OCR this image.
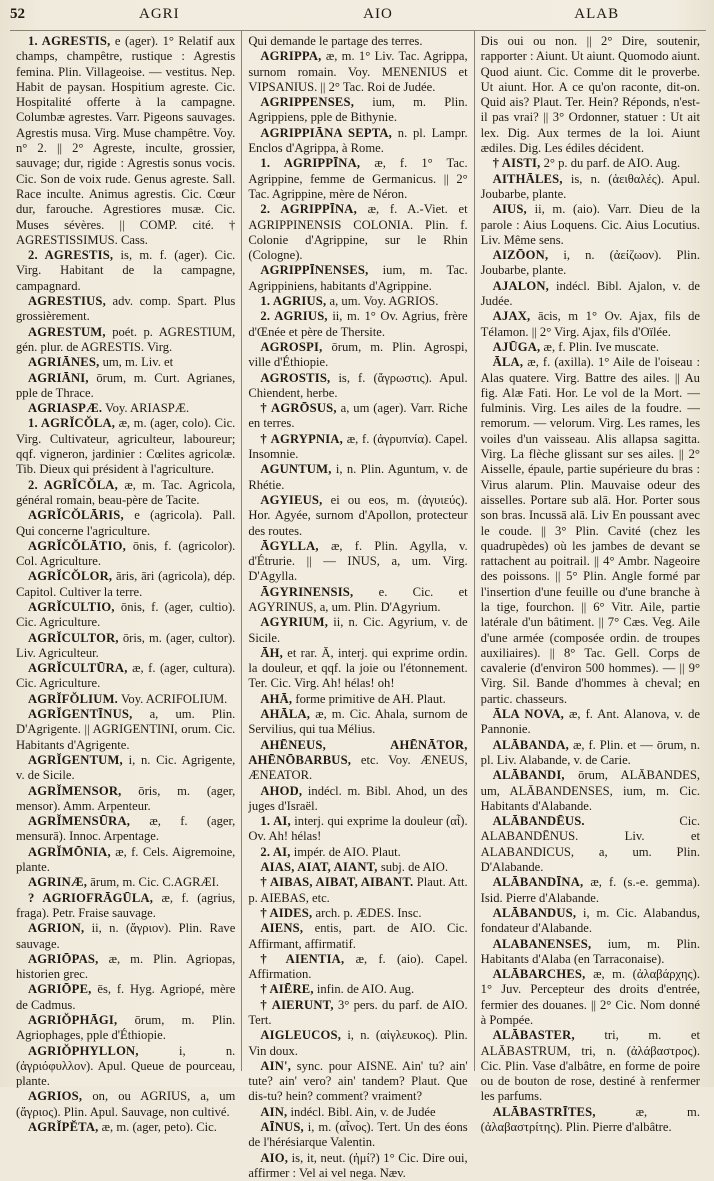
52	AGRI	AIO	ALAB

1. AGRESTIS, e (ager). 1° Relatif aux champs, champêtre, rustique : Agrestis femina. Plin. Villageoise. — vestitus. Nep. Habit de paysan. Hospitium agreste. Cic. Hospitalité offerte à la campagne. Columbæ agrestes. Varr. Pigeons sauvages. Agrestis musa. Virg. Muse champêtre. Voy. n° 2. || 2° Agreste, inculte, grossier, sauvage; dur, rigide : Agrestis sonus vocis. Cic. Son de voix rude. Genus agreste. Sall. Race inculte. Animus agrestis. Cic. Cœur dur, farouche. Agrestiores musæ. Cic. Muses sévères. || COMP. cité. † AGRESTISSIMUS. Cass.

2. AGRESTIS, is, m. f. (ager). Cic. Virg. Habitant de la campagne, campagnard.

AGRESTIUS, adv. comp. Spart. Plus grossièrement.

AGRESTUM, poét. p. AGRESTIUM, gén. plur. de AGRESTIS. Virg.

AGRIĀNES, um, m. Liv. et

AGRIĀNI, ōrum, m. Curt. Agrianes, pple de Thrace.

AGRIASPÆ. Voy. ARIASPÆ.

1. AGRĬCŎLA, æ, m. (ager, colo). Cic. Virg. Cultivateur, agriculteur, laboureur; qqf. vigneron, jardinier : Cœlites agricolæ. Tib. Dieux qui président à l'agriculture.

2. AGRĬCŎLA, æ, m. Tac. Agricola, général romain, beau-père de Tacite.

AGRĬCŎLĀRIS, e (agricola). Pall. Qui concerne l'agriculture.

AGRĬCŎLĀTIO, ōnis, f. (agricolor). Col. Agriculture.

AGRĬCŎLOR, āris, āri (agricola), dép. Capitol. Cultiver la terre.

AGRĬCULTIO, ōnis, f. (ager, cultio). Cic. Agriculture.

AGRĬCULTOR, ōris, m. (ager, cultor). Liv. Agriculteur.

AGRĬCULTŪRA, æ, f. (ager, cultura). Cic. Agriculture.

AGRĬFŎLIUM. Voy. ACRIFOLIUM.

AGRĬGENTĪNUS, a, um. Plin. D'Agrigente. || AGRIGENTINI, orum. Cic. Habitants d'Agrigente.

AGRĬGENTUM, i, n. Cic. Agrigente, v. de Sicile.

AGRĬMENSOR, ōris, m. (ager, mensor). Amm. Arpenteur.

AGRĬMENSŪRA, æ, f. (ager, mensurā). Innoc. Arpentage.

AGRĬMŌNIA, æ, f. Cels. Aigremoine, plante.

AGRINÆ, ārum, m. Cic. C.AGRÆI.

? AGRIOFRĀGŪLA, æ, f. (agrius, fraga). Petr. Fraise sauvage.

AGRION, ii, n. (ἄγριον). Plin. Rave sauvage.

AGRIŌPAS, æ, m. Plin. Agriopas, historien grec.

AGRIŌPE, ēs, f. Hyg. Agriopé, mère de Cadmus.

AGRIŎPHĀGI, ōrum, m. Plin. Agriophages, pple d'Éthiopie.

AGRIŎPHYLLON,	i, n. (ἀγριόφυλλον). Apul. Queue de pourceau, plante.

AGRIOS, on, ou AGRIUS, a, um (ἄγριος). Plin. Apul. Sauvage, non cultivé.

AGRĬPĔTA, æ, m. (ager, peto). Cic.

Qui demande le partage des terres.

AGRIPPA, æ, m. 1° Liv. Tac. Agrippa, surnom romain. Voy. MENENIUS et VIPSANIUS. || 2° Tac. Roi de Judée.

AGRIPPENSES, ium, m. Plin. Agrippiens, pple de Bithynie.

AGRIPPIĀNA SEPTA, n. pl. Lampr. Enclos d'Agrippa, à Rome.

1. AGRIPPĪNA, æ, f. 1° Tac. Agrippine, femme de Germanicus. || 2° Tac. Agrippine, mère de Néron.

2. AGRIPPĪNA, æ, f. A.-Viet. et AGRIPPINENSIS COLONIA. Plin. f. Colonie d'Agrippine, sur le Rhin (Cologne).

AGRIPPĪNENSES, ium, m. Tac. Agrippiniens, habitants d'Agrippine.

1. AGRIUS, a, um. Voy. AGRIOS.

2. AGRIUS, ii, m. 1° Ov. Agrius, frère d'Œnée et père de Thersite.

AGROSPI, ōrum, m. Plin. Agrospi, ville d'Éthiopie.

AGROSTIS, is, f. (ἄγρωστις). Apul. Chiendent, herbe.

† AGRŌSUS, a, um (ager). Varr. Riche en terres.

† AGRYPNIA, æ, f. (ἀγρυπνία). Capel. Insomnie.

AGUNTUM, i, n. Plin. Aguntum, v. de Rhétie.

AGYIEUS, ei ou eos, m. (ἀγυιεύς). Hor. Agyée, surnom d'Apollon, protecteur des routes.

ĀGYLLA, æ, f. Plin. Agylla, v. d'Étrurie. || — INUS, a, um. Virg. D'Agylla.

ĀGYRINENSIS, e. Cic. et AGYRINUS, a, um. Plin. D'Agyrium.

AGYRIUM, ii, n. Cic. Agyrium, v. de Sicile.

ĀH, et rar. Ā, interj. qui exprime ordin. la douleur, et qqf. la joie ou l'étonnement. Ter. Cic. Virg. Ah! hélas! oh!

AHĀ, forme primitive de AH. Plaut.

AHĀLA, æ, m. Cic. Ahala, surnom de Servilius, qui tua Mélius.

AHĒNEUS, AHĒNĀTOR, AHĒNŌBARBUS, etc. Voy. ÆNEUS, ÆNEATOR.

AHOD, indécl. m. Bibl. Ahod, un des juges d'Israël.

1. AI, interj. qui exprime la douleur (αἶ). Ov. Ah! hélas!

2. AI, impér. de AIO. Plaut.

AIAS, AIAT, AIANT, subj. de AIO.

† AIBAS, AIBAT, AIBANT. Plaut. Att. p. AIEBAS, etc.

† AIDES, arch. p. ÆDES. Insc.

AIENS, entis, part. de AIO. Cic. Affirmant, affirmatif.

† AIENTIA, æ, f. (aio). Capel. Affirmation.

† AIĒRE, infin. de AIO. Aug.

† AIERUNT, 3° pers. du parf. de AIO. Tert.

AIGLEUCOS, i, n. (αἰγλευκος). Plin. Vin doux.

AIN', sync. pour AISNE. Ain' tu? ain' tute? ain' vero? ain' tandem? Plaut. Que dis-tu? hein? comment? vraiment?

AIN, indécl. Bibl. Ain, v. de Judée

AĪNUS, i, m. (αἶνος). Tert. Un des éons de l'hérésiarque Valentin.

AIO, is, it, neut. (ἠμί?) 1° Cic. Dire oui, affirmer : Vel ai vel nega. Næv.

Dis oui ou non. || 2° Dire, soutenir, rapporter : Aiunt. Ut aiunt. Quomodo aiunt. Quod aiunt. Cic. Comme dit le proverbe. Ut aiunt. Hor. A ce qu'on raconte, dit-on. Quid ais? Plaut. Ter. Hein? Réponds, n'est-il pas vrai? || 3° Ordonner, statuer : Ut ait lex. Dig. Aux termes de la loi. Aiunt ædiles. Dig. Les édiles décident.

† AISTI, 2° p. du parf. de AIO. Aug.

AITHĀLES, is, n. (ἀειθαλές). Apul. Joubarbe, plante.

AIUS, ii, m. (aio). Varr. Dieu de la parole : Aius Loquens. Cic. Aius Locutius. Liv. Même sens.

AIZŌON, i, n. (ἀείζωον). Plin. Joubarbe, plante.

AJALON, indécl. Bibl. Ajalon, v. de Judée.

AJAX, ācis, m 1° Ov. Ajax, fils de Télamon. || 2° Virg. Ajax, fils d'Oïlée.

AJŪGA, æ, f. Plin. Ive muscate.

ĀLA, æ, f. (axilla). 1° Aile de l'oiseau : Alas quatere. Virg. Battre des ailes. || Au fig. Alæ Fati. Hor. Le vol de la Mort. — fulminis. Virg. Les ailes de la foudre. — remorum. — velorum. Virg. Les rames, les voiles d'un vaisseau. Alis allapsa sagitta. Virg. La flèche glissant sur ses ailes. || 2° Aisselle, épaule, partie supérieure du bras : Virus alarum. Plin. Mauvaise odeur des aisselles. Portare sub alā. Hor. Porter sous son bras. Incussā alā. Liv En poussant avec le coude. || 3° Plin. Cavité (chez les quadrupèdes) où les jambes de devant se rattachent au poitrail. || 4° Ambr. Nageoire des poissons. || 5° Plin. Angle formé par l'insertion d'une feuille ou d'une branche à la tige, fourchon. || 6° Vitr. Aile, partie latérale d'un bâtiment. || 7° Cæs. Veg. Aile d'une armée (composée ordin. de troupes auxiliaires). || 8° Tac. Gell. Corps de cavalerie (d'environ 500 hommes). — || 9° Virg. Sil. Bande d'hommes à cheval; en partic. chasseurs.

ĀLA NOVA, æ, f. Ant. Alanova, v. de Pannonie.

ALĀBANDA, æ, f. Plin. et — ōrum, n. pl. Liv. Alabande, v. de Carie.

ALĀBANDI, ōrum, ALĀBANDES, um, ALĀBANDENSES, ium, m. Cic. Habitants d'Alabande.

ALĀBANDĒUS.	Cic. ALABANDĒNUS. Liv. et ALABANDICUS, a, um. Plin. D'Alabande.

ALĀBANDĪNA, æ, f. (s.-e. gemma). Isid. Pierre d'Alabande.

ALĀBANDUS, i, m. Cic. Alabandus, fondateur d'Alabande.

ALABANENSES, ium, m. Plin. Habitants d'Alaba (en Tarraconaise).

ALĀBARCHES, æ, m. (ἀλαβάρχης). 1° Juv. Percepteur des droits d'entrée, fermier des douanes. || 2° Cic. Nom donné à Pompée.

ALĀBASTER, tri, m. et ALĀBASTRUM, tri, n. (ἀλάβαστρος). Cic. Plin. Vase d'albâtre, en forme de poire ou de bouton de rose, destiné à renfermer les parfums.

ALĀBASTRĪTES,	æ, m. (ἀλαβαστρίτης). Plin. Pierre d'albâtre.
